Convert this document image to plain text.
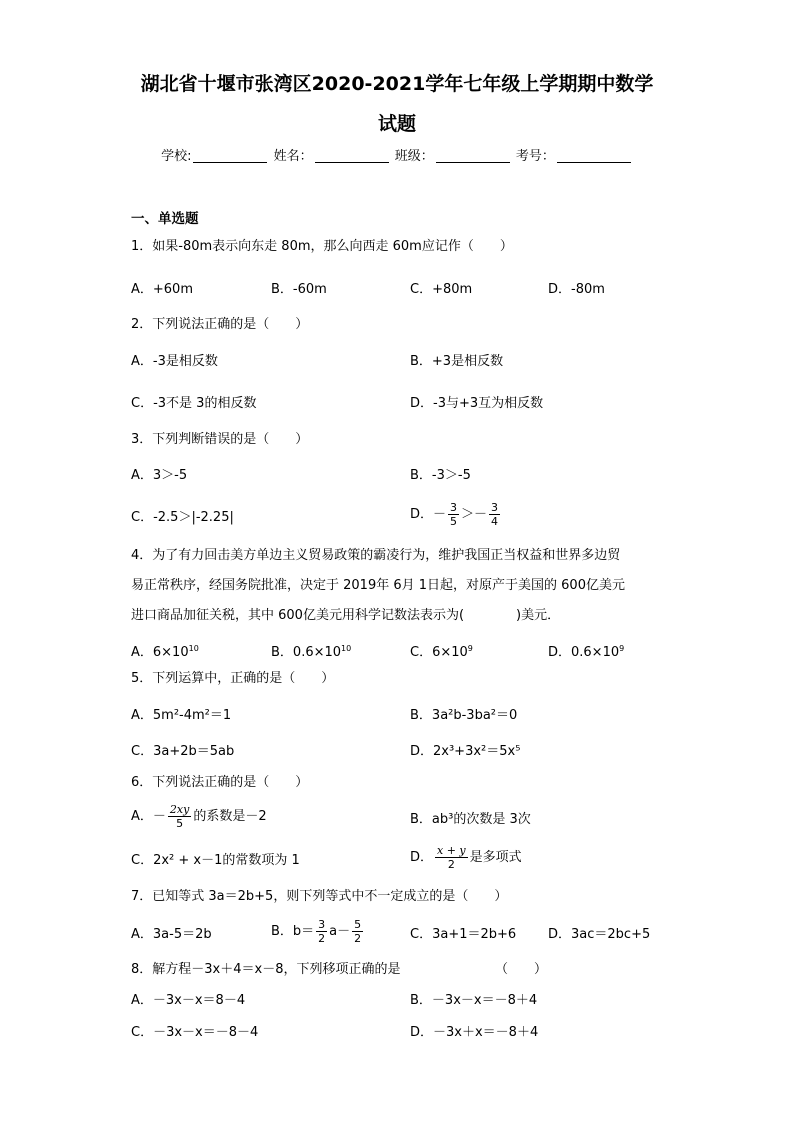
湖北省十堰市张湾区2020-2021学年七年级上学期期中数学
试题
学校:	姓名：	班级：	考号：
一、单选题
1．如果-80m表示向东走 80m，那么向西走 60m应记作（　　）
A．+60m	B．-60m	C．+80m	D．-80m
2．下列说法正确的是（　　）
A．-3是相反数	B．+3是相反数
C．-3不是 3的相反数	D．-3与+3互为相反数
3．下列判断错误的是（　　）
A．3＞-5	B．-3＞-5
C．-2.5＞|-2.25|	D．－ $\frac{3}{5} >- \frac{3}{4}$
4．为了有力回击美方单边主义贸易政策的霸凌行为，维护我国正当权益和世界多边贸
易正常秩序，经国务院批准，决定于 2019年 6月 1日起，对原产于美国的 600亿美元
进口商品加征关税，其中 600亿美元用科学记数法表示为(　　　　)美元．
A．$6\times 10^{10}$	B．$0.6\times 10^{10}$	C．$6\times 10^9$	D．$0.6\times 10^9$
5．下列运算中，正确的是（　　）
A．5m²-4m²＝1	B．3a²b-3ba²＝0
C．3a+2b＝5ab	D．2x³+3x²＝5x⁵
6．下列说法正确的是（　　）
A．－ $\frac{2xy}{5}$ 的系数是－2	B．ab³的次数是 3次
C．2x² + x－1的常数项为 1	D． $\frac{x + y}{2}$ 是多项式
7．已知等式 3a＝2b+5，则下列等式中不一定成立的是（　　）
A．3a-5＝2b	B．$b= \frac{3}{2} a- \frac{5}{2}$	C．3a+1＝2b+6 D．3ac＝2bc+5
8．解方程－3x＋4＝x－8，下列移项正确的是	（　　）
A．－3x－x＝8－4	B．－3x－x＝－8＋4
C．－3x－x＝－8－4	D．－3x＋x＝－8＋4
